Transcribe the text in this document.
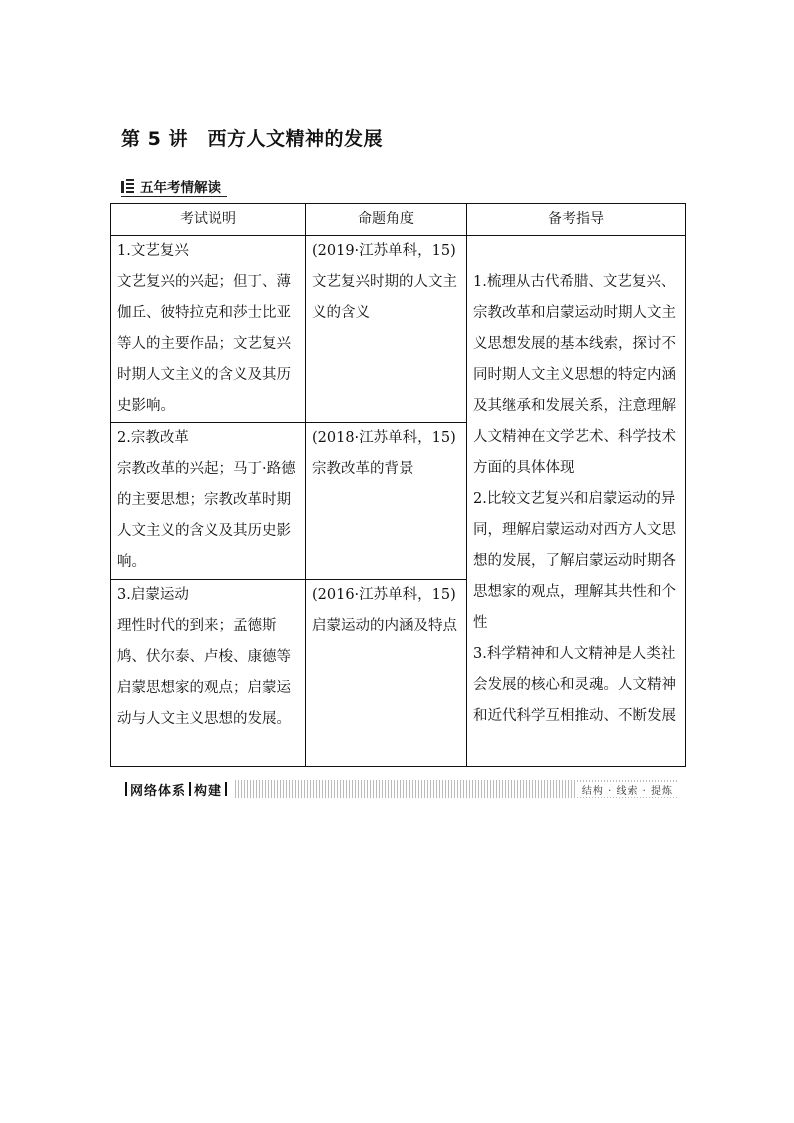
第 5 讲　西方人文精神的发展
五年考情解读
考试说明	命题角度	备考指导

1.文艺复兴
文艺复兴的兴起；但丁、薄伽丘、彼特拉克和莎士比亚等人的主要作品；文艺复兴时期人文主义的含义及其历史影响。	(2019·江苏单科，15)文艺复兴时期的人文主义的含义	1.梳理从古代希腊、文艺复兴、宗教改革和启蒙运动时期人文主义思想发展的基本线索，探讨不同时期人文主义思想的特定内涵及其继承和发展关系，注意理解人文精神在文学艺术、科学技术方面的具体体现
2.比较文艺复兴和启蒙运动的异同，理解启蒙运动对西方人文思想的发展，了解启蒙运动时期各思想家的观点，理解其共性和个性
3.科学精神和人文精神是人类社会发展的核心和灵魂。人文精神和近代科学互相推动、不断发展

2.宗教改革
宗教改革的兴起；马丁·路德的主要思想；宗教改革时期人文主义的含义及其历史影响。	(2018·江苏单科，15)宗教改革的背景	

3.启蒙运动
理性时代的到来；孟德斯鸠、伏尔泰、卢梭、康德等启蒙思想家的观点；启蒙运动与人文主义思想的发展。	(2016·江苏单科，15)启蒙运动的内涵及特点	
网络体系 构建	结构 · 线索 · 提炼
